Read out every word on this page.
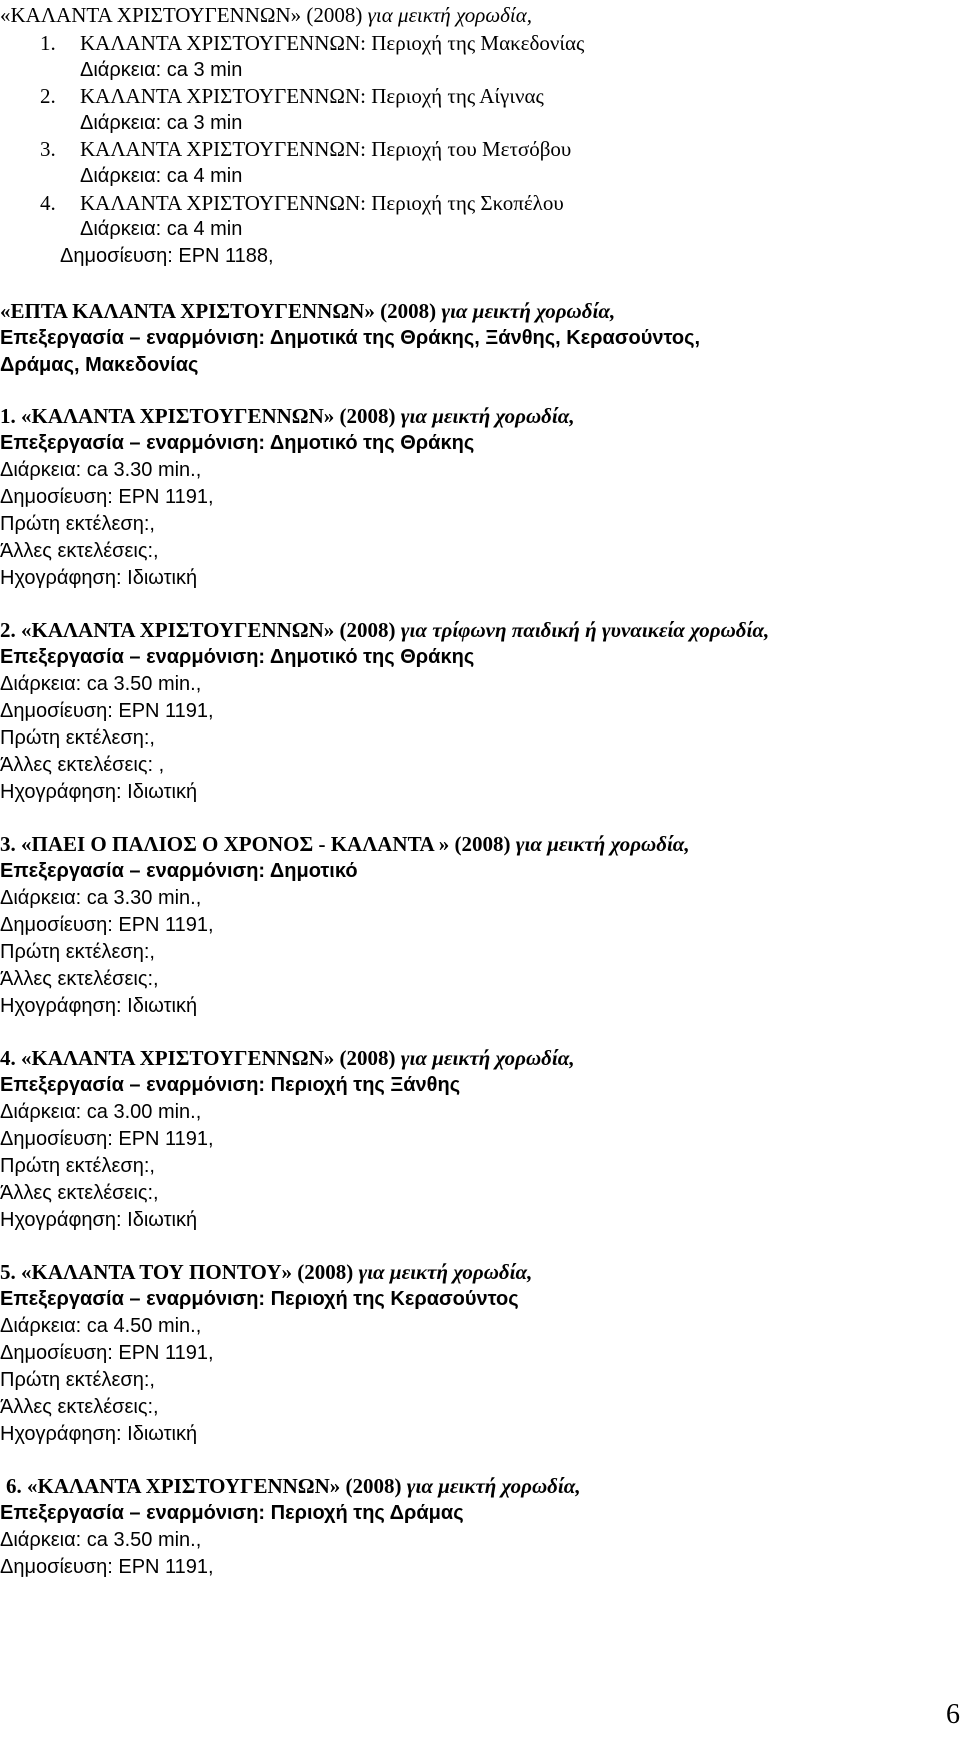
«ΚΑΛΑΝΤΑ ΧΡΙΣΤΟΥΓΕΝΝΩΝ» (2008) για μεικτή χορωδία,
1. ΚΑΛΑΝΤΑ ΧΡΙΣΤΟΥΓΕΝΝΩΝ: Περιοχή της Μακεδονίας
Διάρκεια: ca 3 min
2. ΚΑΛΑΝΤΑ ΧΡΙΣΤΟΥΓΕΝΝΩΝ: Περιοχή της Αίγινας
Διάρκεια: ca 3 min
3. ΚΑΛΑΝΤΑ ΧΡΙΣΤΟΥΓΕΝΝΩΝ: Περιοχή του Μετσόβου
Διάρκεια: ca 4 min
4. ΚΑΛΑΝΤΑ ΧΡΙΣΤΟΥΓΕΝΝΩΝ: Περιοχή της Σκοπέλου
Διάρκεια: ca 4 min
Δημοσίευση: EPN 1188,
«ΕΠΤΑ ΚΑΛΑΝΤΑ ΧΡΙΣΤΟΥΓΕΝΝΩΝ» (2008) για μεικτή χορωδία,
Επεξεργασία – εναρμόνιση: Δημοτικά της Θράκης, Ξάνθης, Κερασούντος,
Δράμας, Μακεδονίας
1. «ΚΑΛΑΝΤΑ ΧΡΙΣΤΟΥΓΕΝΝΩΝ» (2008) για μεικτή χορωδία,
Επεξεργασία – εναρμόνιση: Δημοτικό της Θράκης
Διάρκεια: ca 3.30 min.,
Δημοσίευση: EPN 1191,
Πρώτη εκτέλεση:,
Άλλες εκτελέσεις:,
Ηχογράφηση: Ιδιωτική
2. «ΚΑΛΑΝΤΑ ΧΡΙΣΤΟΥΓΕΝΝΩΝ» (2008) για τρίφωνη παιδική ή γυναικεία χορωδία,
Επεξεργασία – εναρμόνιση: Δημοτικό της Θράκης
Διάρκεια: ca 3.50 min.,
Δημοσίευση: EPN 1191,
Πρώτη εκτέλεση:,
Άλλες εκτελέσεις: ,
Ηχογράφηση: Ιδιωτική
3. «ΠΑΕΙ Ο ΠΑΛΙΟΣ Ο ΧΡΟΝΟΣ - ΚΑΛΑΝΤΑ » (2008) για μεικτή χορωδία,
Επεξεργασία – εναρμόνιση: Δημοτικό
Διάρκεια: ca 3.30 min.,
Δημοσίευση: EPN 1191,
Πρώτη εκτέλεση:,
Άλλες εκτελέσεις:,
Ηχογράφηση: Ιδιωτική
4. «ΚΑΛΑΝΤΑ ΧΡΙΣΤΟΥΓΕΝΝΩΝ» (2008) για μεικτή χορωδία,
Επεξεργασία – εναρμόνιση: Περιοχή της Ξάνθης
Διάρκεια: ca 3.00 min.,
Δημοσίευση: EPN 1191,
Πρώτη εκτέλεση:,
Άλλες εκτελέσεις:,
Ηχογράφηση: Ιδιωτική
5. «ΚΑΛΑΝΤΑ ΤΟΥ ΠΟΝΤΟΥ» (2008) για μεικτή χορωδία,
Επεξεργασία – εναρμόνιση: Περιοχή της Κερασούντος
Διάρκεια: ca 4.50 min.,
Δημοσίευση: EPN 1191,
Πρώτη εκτέλεση:,
Άλλες εκτελέσεις:,
Ηχογράφηση: Ιδιωτική
6. «ΚΑΛΑΝΤΑ ΧΡΙΣΤΟΥΓΕΝΝΩΝ» (2008) για μεικτή χορωδία,
Επεξεργασία – εναρμόνιση: Περιοχή της Δράμας
Διάρκεια: ca 3.50 min.,
Δημοσίευση: EPN 1191,
6
